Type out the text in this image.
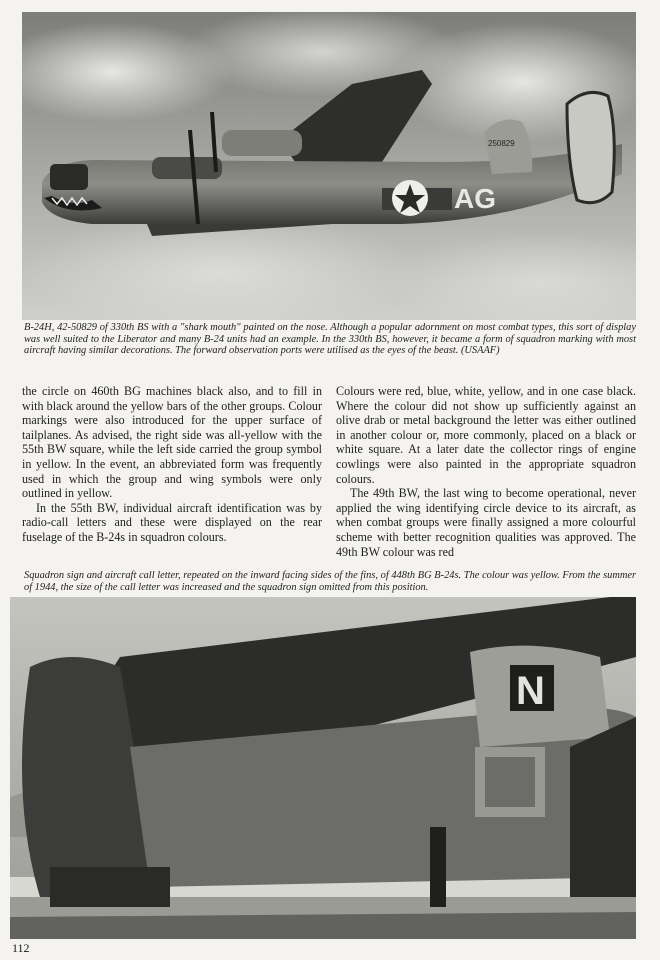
250829
AG
B-24H, 42-50829 of 330th BS with a "shark mouth" painted on the nose. Although a popular adornment on most combat types, this sort of display was well suited to the Liberator and many B-24 units had an example. In the 330th BS, however, it became a form of squadron marking with most aircraft having similar decorations. The forward observation ports were utilised as the eyes of the beast. (USAAF)

the circle on 460th BG machines black also, and to fill in with black around the yellow bars of the other groups. Colour markings were also introduced for the upper surface of tailplanes. As advised, the right side was all-yellow with the 55th BW square, while the left side carried the group symbol in yellow. In the event, an abbreviated form was frequently used in which the group and wing symbols were only outlined in yellow.

In the 55th BW, individual aircraft identification was by radio-call letters and these were displayed on the rear fuselage of the B-24s in squadron colours.

Colours were red, blue, white, yellow, and in one case black. Where the colour did not show up sufficiently against an olive drab or metal background the letter was either outlined in another colour or, more commonly, placed on a black or white square. At a later date the collector rings of engine cowlings were also painted in the appropriate squadron colours.

The 49th BW, the last wing to become operational, never applied the wing identifying circle device to its aircraft, as when combat groups were finally assigned a more colourful scheme with better recognition qualities was approved. The 49th BW colour was red

Squadron sign and aircraft call letter, repeated on the inward facing sides of the fins, of 448th BG B-24s. The colour was yellow. From the summer of 1944, the size of the call letter was increased and the squadron sign omitted from this position.
N
112
